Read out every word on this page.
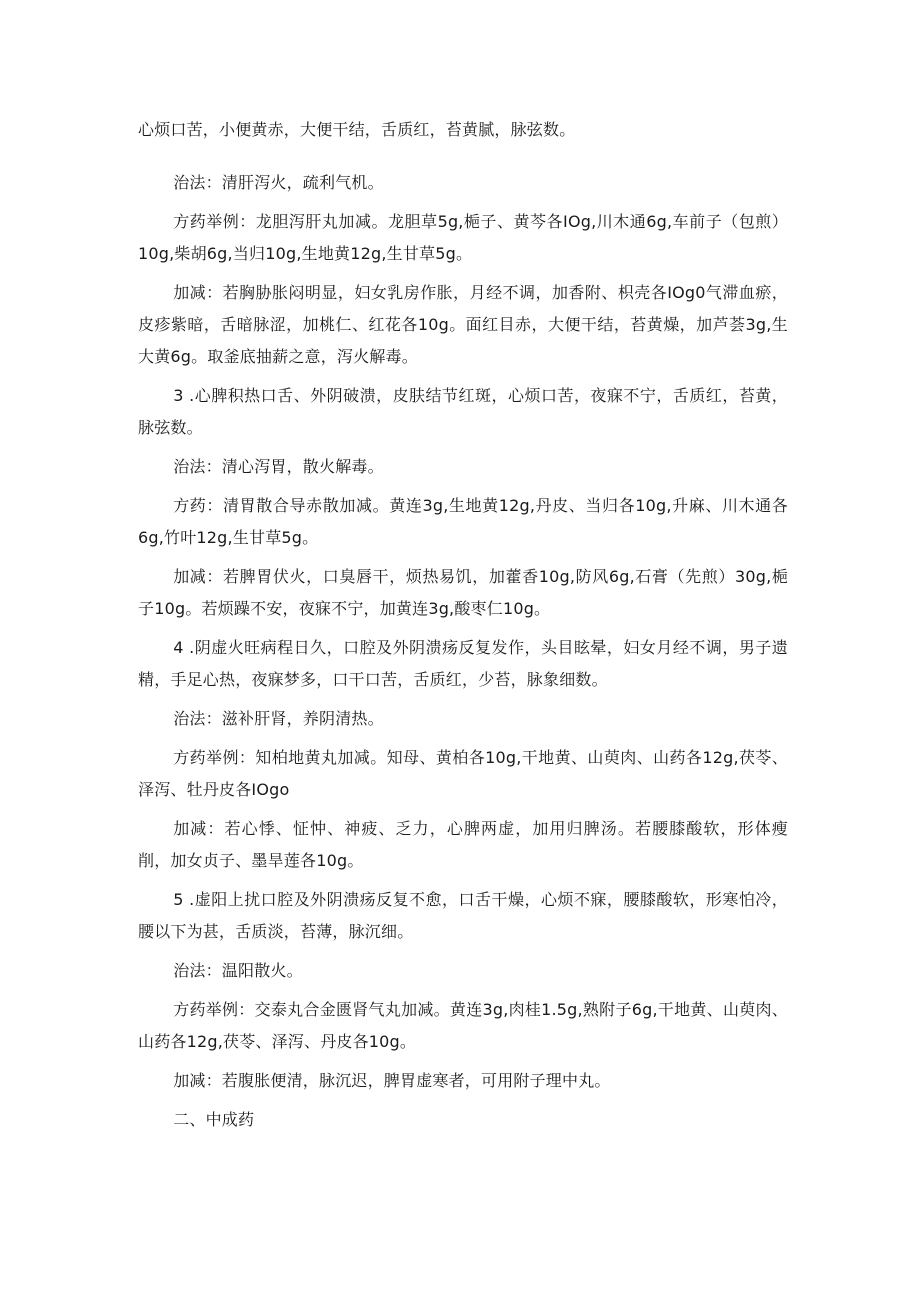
心烦口苦，小便黄赤，大便干结，舌质红，苔黄腻，脉弦数。

治法：清肝泻火，疏利气机。

方药举例：龙胆泻肝丸加减。龙胆草5g,梔子、黄芩各IOg,川木通6g,车前子（包煎）10g,柴胡6g,当归10g,生地黄12g,生甘草5g。

加减：若胸胁胀闷明显，妇女乳房作胀，月经不调，加香附、枳壳各IOg0气滞血瘀，皮疹紫暗，舌暗脉涩，加桃仁、红花各10g。面红目赤，大便干结，苔黄燥，加芦荟3g,生大黄6g。取釜底抽薪之意，泻火解毒。

3 .心脾积热口舌、外阴破溃，皮肤结节红斑，心烦口苦，夜寐不宁，舌质红，苔黄，脉弦数。

治法：清心泻胃，散火解毒。

方药：清胃散合导赤散加减。黄连3g,生地黄12g,丹皮、当归各10g,升麻、川木通各6g,竹叶12g,生甘草5g。

加减：若脾胃伏火，口臭唇干，烦热易饥，加藿香10g,防风6g,石膏（先煎）30g,梔子10g。若烦躁不安，夜寐不宁，加黄连3g,酸枣仁10g。

4 .阴虚火旺病程日久，口腔及外阴溃疡反复发作，头目眩晕，妇女月经不调，男子遗精，手足心热，夜寐梦多，口干口苦，舌质红，少苔，脉象细数。

治法：滋补肝肾，养阴清热。

方药举例：知柏地黄丸加减。知母、黄柏各10g,干地黄、山萸肉、山药各12g,茯苓、泽泻、牡丹皮各IOgo

加减：若心悸、怔忡、神疲、乏力，心脾两虚，加用归脾汤。若腰膝酸软，形体瘦削，加女贞子、墨旱莲各10g。

5 .虚阳上扰口腔及外阴溃疡反复不愈，口舌干燥，心烦不寐，腰膝酸软，形寒怕冷，腰以下为甚，舌质淡，苔薄，脉沉细。

治法：温阳散火。

方药举例：交泰丸合金匮肾气丸加减。黄连3g,肉桂1.5g,熟附子6g,干地黄、山萸肉、山药各12g,茯苓、泽泻、丹皮各10g。

加减：若腹胀便清，脉沉迟，脾胃虚寒者，可用附子理中丸。

二、中成药
